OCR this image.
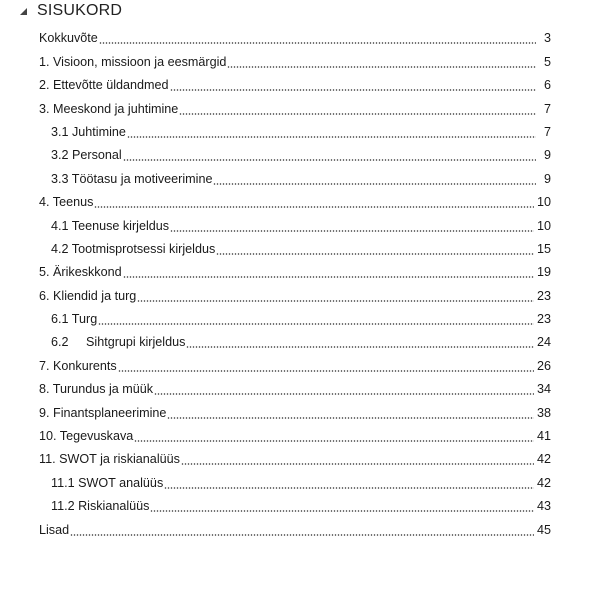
SISUKORD
Kokkuvõte	3
1. Visioon, missioon ja eesmärgid	5
2. Ettevõtte üldandmed	6
3. Meeskond ja juhtimine	7
3.1 Juhtimine	7
3.2 Personal	9
3.3 Töötasu ja motiveerimine	9
4. Teenus	10
4.1 Teenuse kirjeldus	10
4.2 Tootmisprotsessi kirjeldus	15
5. Ärikeskkond	19
6. Kliendid ja turg	23
6.1 Turg	23
6.2     Sihtgrupi kirjeldus	24
7. Konkurents	26
8. Turundus ja müük	34
9. Finantsplaneerimine	38
10. Tegevuskava	41
11. SWOT ja riskianalüüs	42
11.1 SWOT analüüs	42
11.2 Riskianalüüs	43
Lisad	45
